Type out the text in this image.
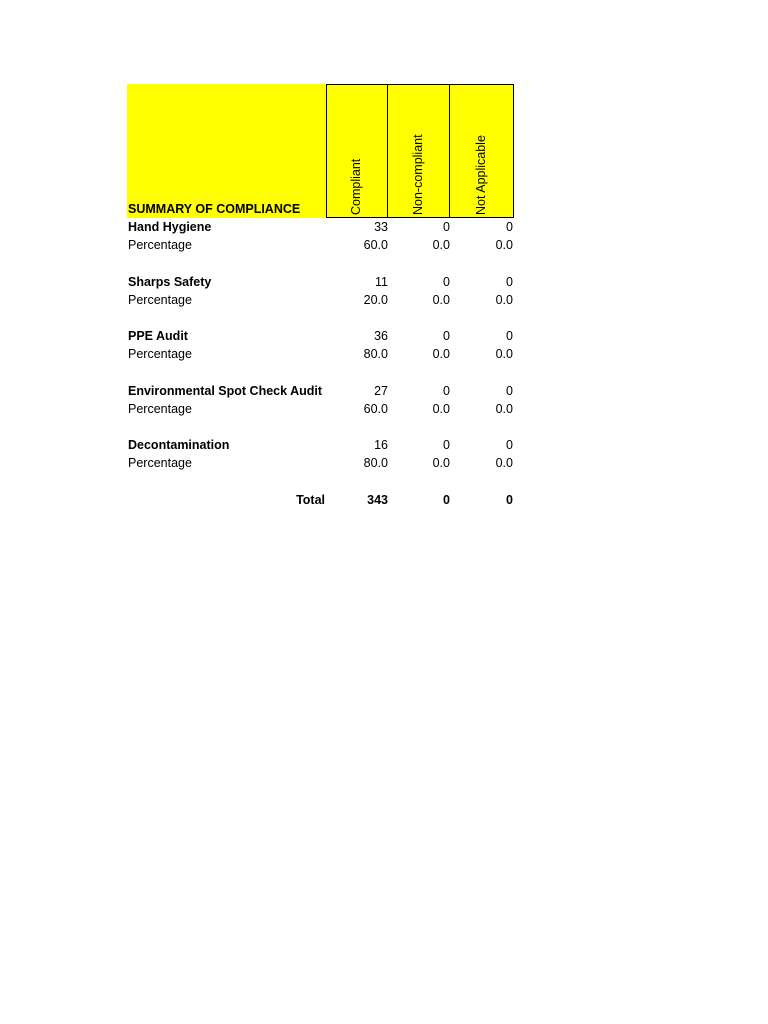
SUMMARY OF COMPLIANCE	Compliant	Non-compliant	Not Applicable
Hand Hygiene	33	0	0
Percentage	60.0	0.0	0.0
Sharps Safety	11	0	0
Percentage	20.0	0.0	0.0
PPE Audit	36	0	0
Percentage	80.0	0.0	0.0
Environmental Spot Check Audit	27	0	0
Percentage	60.0	0.0	0.0
Decontamination	16	0	0
Percentage	80.0	0.0	0.0
Total	343	0	0
